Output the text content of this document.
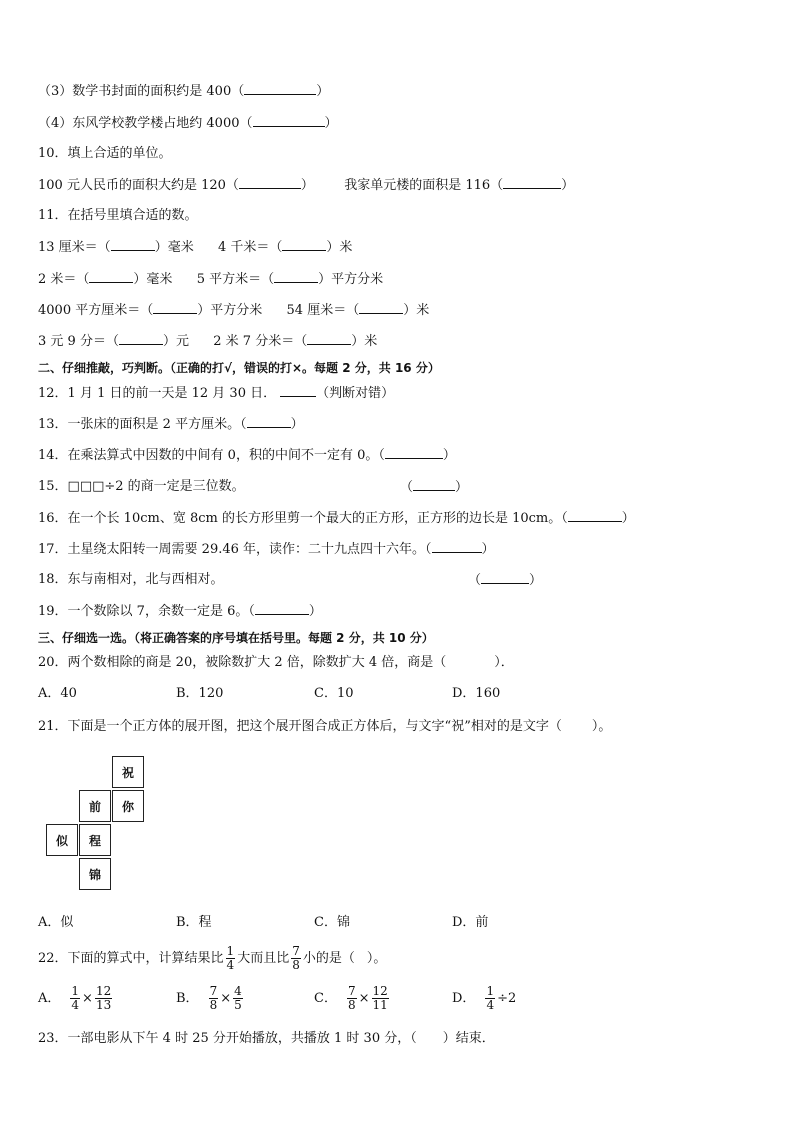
（3）数学书封面的面积约是 400（	）
（4）东风学校教学楼占地约 4000（	）
10．填上合适的单位。
100 元人民币的面积大约是 120（	） 我家单元楼的面积是 116（	）
11．在括号里填合适的数。
13 厘米＝（	）毫米 4 千米＝（	）米
2 米＝（	）毫米 5 平方米＝（	）平方分米
4000 平方厘米＝（	）平方分米 54 厘米＝（	）米
3 元 9 分＝（	）元 2 米 7 分米＝（	）米
二、仔细推敲，巧判断。（正确的打√，错误的打×。每题 2 分，共 16 分）
12．1 月 1 日的前一天是 12 月 30 日．	（判断对错）
13．一张床的面积是 2 平方厘米。（	）
14．在乘法算式中因数的中间有 0，积的中间不一定有 0。（	）
15．□□□÷2 的商一定是三位数。	（	）
16．在一个长 10cm、宽 8cm 的长方形里剪一个最大的正方形，正方形的边长是 10cm。（	）
17．土星绕太阳转一周需要 29.46 年，读作：二十九点四十六年。（	）
18．东与南相对，北与西相对。	（	）
19．一个数除以 7，余数一定是 6。（	）
三、仔细选一选。（将正确答案的序号填在括号里。每题 2 分，共 10 分）
20．两个数相除的商是 20，被除数扩大 2 倍，除数扩大 4 倍，商是（	）．
A．40	B．120	C．10	D．160
21．下面是一个正方体的展开图，把这个展开图合成正方体后，与文字“祝”相对的是文字（ ）。
祝
你
前
似 程
锦
A．似	B．程	C．锦	D．前
22．下面的算式中，计算结果比 $\frac{1}{4}$ 大而且比 $\frac{7}{8}$ 小的是（ ）。
A． $\frac{1}{4} \times \frac{12}{13}$	B． $\frac{7}{8} \times \frac{4}{5}$	C． $\frac{7}{8} \times \frac{12}{11}$	D． $\frac{1}{4} \div 2$
23．一部电影从下午 4 时 25 分开始播放，共播放 1 时 30 分，（ ）结束．
